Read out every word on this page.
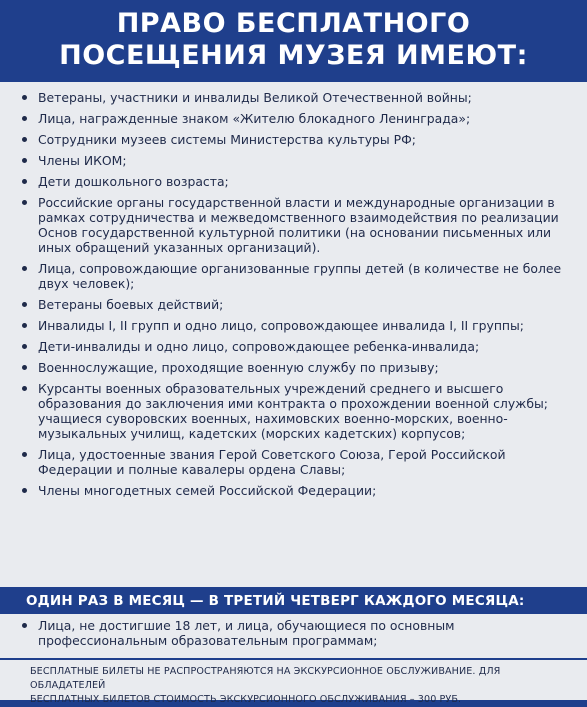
ПРАВО БЕСПЛАТНОГО
ПОСЕЩЕНИЯ МУЗЕЯ ИМЕЮТ:
Ветераны, участники и инвалиды Великой Отечественной войны;
Лица, награжденные знаком «Жителю блокадного Ленинграда»;
Сотрудники музеев системы Министерства культуры РФ;
Члены ИКОМ;
Дети дошкольного возраста;
Российские органы государственной власти и международные организации в рамках сотрудничества и межведомственного взаимодействия по реализации Основ государственной культурной политики (на основании письменных или иных обращений указанных организаций).
Лица, сопровождающие организованные группы детей (в количестве не более двух человек);
Ветераны боевых действий;
Инвалиды I, II групп и одно лицо, сопровождающее инвалида I, II группы;
Дети-инвалиды и одно лицо, сопровождающее ребенка-инвалида;
Военнослужащие, проходящие военную службу по призыву;
Курсанты военных образовательных учреждений среднего и высшего образования до заключения ими контракта о прохождении военной службы; учащиеся суворовских военных, нахимовских военно-морских, военно-музыкальных училищ, кадетских (морских кадетских) корпусов;
Лица, удостоенные звания Герой Советского Союза, Герой Российской Федерации и полные кавалеры ордена Славы;
Члены многодетных семей Российской Федерации;
ОДИН РАЗ В МЕСЯЦ — В ТРЕТИЙ ЧЕТВЕРГ КАЖДОГО МЕСЯЦА:
Лица, не достигшие 18 лет, и лица, обучающиеся по основным профессиональным образовательным программам;
БЕСПЛАТНЫЕ БИЛЕТЫ НЕ РАСПРОСТРАНЯЮТСЯ НА ЭКСКУРСИОННОЕ ОБСЛУЖИВАНИЕ. ДЛЯ ОБЛАДАТЕЛЕЙ
БЕСПЛАТНЫХ БИЛЕТОВ СТОИМОСТЬ ЭКСКУРСИОННОГО ОБСЛУЖИВАНИЯ – 300 РУБ.
